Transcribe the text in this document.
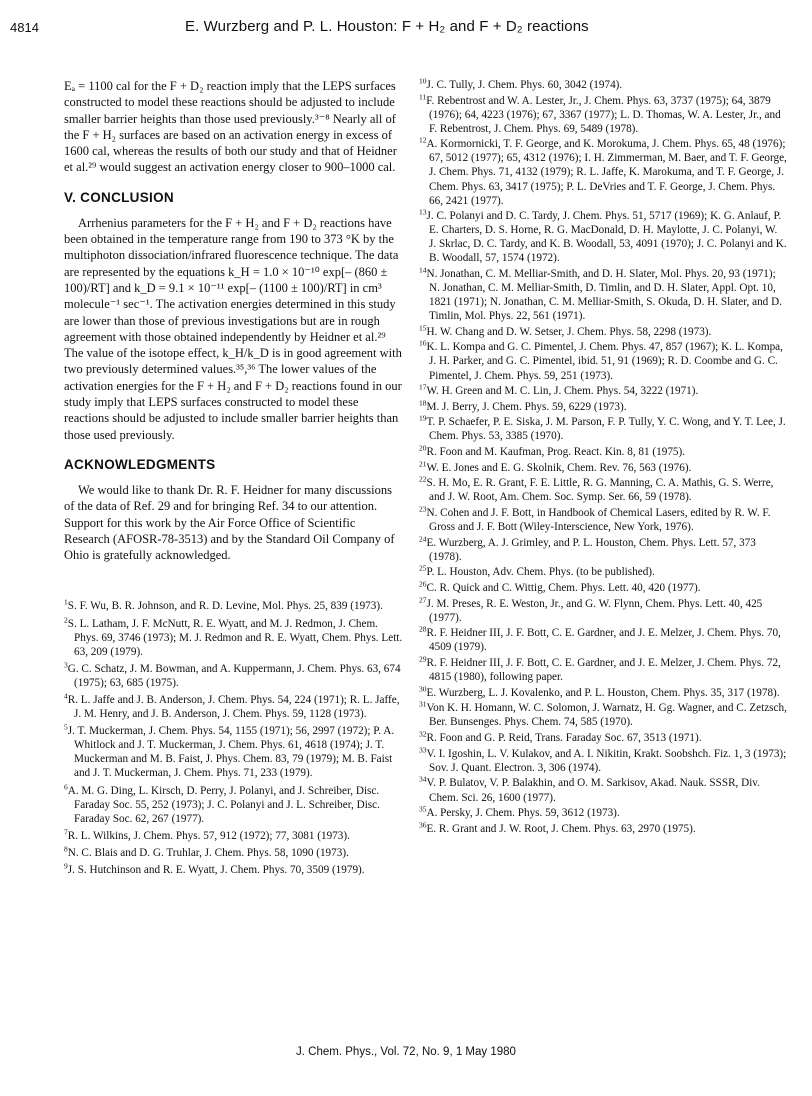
4814	E. Wurzberg and P. L. Houston: F + H₂ and F + D₂ reactions

Eₐ = 1100 cal for the F + D₂ reaction imply that the LEPS surfaces constructed to model these reactions should be adjusted to include smaller barrier heights than those used previously.³⁻⁸ Nearly all of the F + H₂ surfaces are based on an activation energy in excess of 1600 cal, whereas the results of both our study and that of Heidner et al.²⁹ would suggest an activation energy closer to 900–1000 cal.

V. CONCLUSION

Arrhenius parameters for the F + H₂ and F + D₂ reactions have been obtained in the temperature range from 190 to 373 °K by the multiphoton dissociation/infrared fluorescence technique. The data are represented by the equations k_H = 1.0 × 10⁻¹⁰ exp[– (860 ± 100)/RT] and k_D = 9.1 × 10⁻¹¹ exp[– (1100 ± 100)/RT] in cm³ molecule⁻¹ sec⁻¹. The activation energies determined in this study are lower than those of previous investigations but are in rough agreement with those obtained independently by Heidner et al.²⁹ The value of the isotope effect, k_H/k_D is in good agreement with two previously determined values.³⁵,³⁶ The lower values of the activation energies for the F + H₂ and F + D₂ reactions found in our study imply that LEPS surfaces constructed to model these reactions should be adjusted to include smaller barrier heights than those used previously.

ACKNOWLEDGMENTS

We would like to thank Dr. R. F. Heidner for many discussions of the data of Ref. 29 and for bringing Ref. 34 to our attention. Support for this work by the Air Force Office of Scientific Research (AFOSR-78-3513) and by the Standard Oil Company of Ohio is gratefully acknowledged.

$^1$S. F. Wu, B. R. Johnson, and R. D. Levine, Mol. Phys. 25, 839 (1973).

$^2$S. L. Latham, J. F. McNutt, R. E. Wyatt, and M. J. Redmon, J. Chem. Phys. 69, 3746 (1973); M. J. Redmon and R. E. Wyatt, Chem. Phys. Lett. 63, 209 (1979).

$^3$G. C. Schatz, J. M. Bowman, and A. Kuppermann, J. Chem. Phys. 63, 674 (1975); 63, 685 (1975).

$^4$R. L. Jaffe and J. B. Anderson, J. Chem. Phys. 54, 224 (1971); R. L. Jaffe, J. M. Henry, and J. B. Anderson, J. Chem. Phys. 59, 1128 (1973).

$^5$J. T. Muckerman, J. Chem. Phys. 54, 1155 (1971); 56, 2997 (1972); P. A. Whitlock and J. T. Muckerman, J. Chem. Phys. 61, 4618 (1974); J. T. Muckerman and M. B. Faist, J. Phys. Chem. 83, 79 (1979); M. B. Faist and J. T. Muckerman, J. Chem. Phys. 71, 233 (1979).

$^6$A. M. G. Ding, L. Kirsch, D. Perry, J. Polanyi, and J. Schreiber, Disc. Faraday Soc. 55, 252 (1973); J. C. Polanyi and J. L. Schreiber, Disc. Faraday Soc. 62, 267 (1977).

$^7$R. L. Wilkins, J. Chem. Phys. 57, 912 (1972); 77, 3081 (1973).

$^8$N. C. Blais and D. G. Truhlar, J. Chem. Phys. 58, 1090 (1973).

$^9$J. S. Hutchinson and R. E. Wyatt, J. Chem. Phys. 70, 3509 (1979).

$^{10}$J. C. Tully, J. Chem. Phys. 60, 3042 (1974).

$^{11}$F. Rebentrost and W. A. Lester, Jr., J. Chem. Phys. 63, 3737 (1975); 64, 3879 (1976); 64, 4223 (1976); 67, 3367 (1977); L. D. Thomas, W. A. Lester, Jr., and F. Rebentrost, J. Chem. Phys. 69, 5489 (1978).

$^{12}$A. Kormornicki, T. F. George, and K. Morokuma, J. Chem. Phys. 65, 48 (1976); 67, 5012 (1977); 65, 4312 (1976); I. H. Zimmerman, M. Baer, and T. F. George, J. Chem. Phys. 71, 4132 (1979); R. L. Jaffe, K. Marokuma, and T. F. George, J. Chem. Phys. 63, 3417 (1975); P. L. DeVries and T. F. George, J. Chem. Phys. 66, 2421 (1977).

$^{13}$J. C. Polanyi and D. C. Tardy, J. Chem. Phys. 51, 5717 (1969); K. G. Anlauf, P. E. Charters, D. S. Horne, R. G. MacDonald, D. H. Maylotte, J. C. Polanyi, W. J. Skrlac, D. C. Tardy, and K. B. Woodall, 53, 4091 (1970); J. C. Polanyi and K. B. Woodall, 57, 1574 (1972).

$^{14}$N. Jonathan, C. M. Melliar-Smith, and D. H. Slater, Mol. Phys. 20, 93 (1971); N. Jonathan, C. M. Melliar-Smith, D. Timlin, and D. H. Slater, Appl. Opt. 10, 1821 (1971); N. Jonathan, C. M. Melliar-Smith, S. Okuda, D. H. Slater, and D. Timlin, Mol. Phys. 22, 561 (1971).

$^{15}$H. W. Chang and D. W. Setser, J. Chem. Phys. 58, 2298 (1973).

$^{16}$K. L. Kompa and G. C. Pimentel, J. Chem. Phys. 47, 857 (1967); K. L. Kompa, J. H. Parker, and G. C. Pimentel, ibid. 51, 91 (1969); R. D. Coombe and G. C. Pimentel, J. Chem. Phys. 59, 251 (1973).

$^{17}$W. H. Green and M. C. Lin, J. Chem. Phys. 54, 3222 (1971).

$^{18}$M. J. Berry, J. Chem. Phys. 59, 6229 (1973).

$^{19}$T. P. Schaefer, P. E. Siska, J. M. Parson, F. P. Tully, Y. C. Wong, and Y. T. Lee, J. Chem. Phys. 53, 3385 (1970).

$^{20}$R. Foon and M. Kaufman, Prog. React. Kin. 8, 81 (1975).

$^{21}$W. E. Jones and E. G. Skolnik, Chem. Rev. 76, 563 (1976).

$^{22}$S. H. Mo, E. R. Grant, F. E. Little, R. G. Manning, C. A. Mathis, G. S. Werre, and J. W. Root, Am. Chem. Soc. Symp. Ser. 66, 59 (1978).

$^{23}$N. Cohen and J. F. Bott, in Handbook of Chemical Lasers, edited by R. W. F. Gross and J. F. Bott (Wiley-Interscience, New York, 1976).

$^{24}$E. Wurzberg, A. J. Grimley, and P. L. Houston, Chem. Phys. Lett. 57, 373 (1978).

$^{25}$P. L. Houston, Adv. Chem. Phys. (to be published).

$^{26}$C. R. Quick and C. Wittig, Chem. Phys. Lett. 40, 420 (1977).

$^{27}$J. M. Preses, R. E. Weston, Jr., and G. W. Flynn, Chem. Phys. Lett. 40, 425 (1977).

$^{28}$R. F. Heidner III, J. F. Bott, C. E. Gardner, and J. E. Melzer, J. Chem. Phys. 70, 4509 (1979).

$^{29}$R. F. Heidner III, J. F. Bott, C. E. Gardner, and J. E. Melzer, J. Chem. Phys. 72, 4815 (1980), following paper.

$^{30}$E. Wurzberg, L. J. Kovalenko, and P. L. Houston, Chem. Phys. 35, 317 (1978).

$^{31}$Von K. H. Homann, W. C. Solomon, J. Warnatz, H. Gg. Wagner, and C. Zetzsch, Ber. Bunsenges. Phys. Chem. 74, 585 (1970).

$^{32}$R. Foon and G. P. Reid, Trans. Faraday Soc. 67, 3513 (1971).

$^{33}$V. I. Igoshin, L. V. Kulakov, and A. I. Nikitin, Krakt. Soobshch. Fiz. 1, 3 (1973); Sov. J. Quant. Electron. 3, 306 (1974).

$^{34}$V. P. Bulatov, V. P. Balakhin, and O. M. Sarkisov, Akad. Nauk. SSSR, Div. Chem. Sci. 26, 1600 (1977).

$^{35}$A. Persky, J. Chem. Phys. 59, 3612 (1973).

$^{36}$E. R. Grant and J. W. Root, J. Chem. Phys. 63, 2970 (1975).

J. Chem. Phys., Vol. 72, No. 9, 1 May 1980
